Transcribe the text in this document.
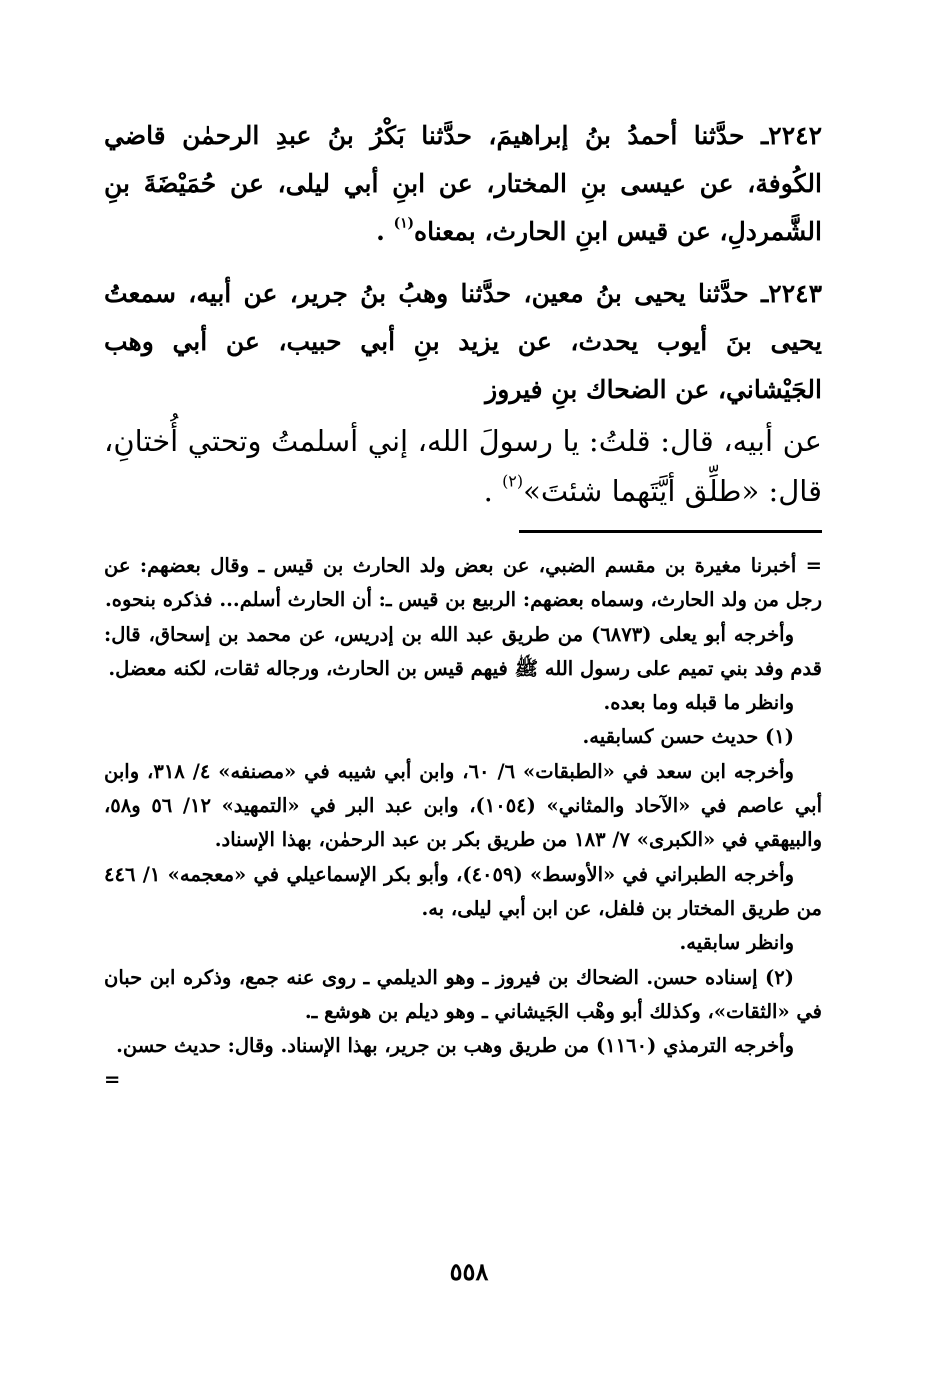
٢٢٤٢ـ حدَّثنا أحمدُ بنُ إبراهيمَ، حدَّثنا بَكْرُ بنُ عبدِ الرحمٰن قاضي الكُوفة، عن عيسى بنِ المختار، عن ابنِ أبي ليلى، عن حُمَيْضَةَ بنِ الشَّمردلِ، عن قيس ابنِ الحارث، بمعناه$^{(١)}$ .

٢٢٤٣ـ حدَّثنا يحيى بنُ معين، حدَّثنا وهبُ بنُ جرير، عن أبيه، سمعتُ يحيى بنَ أيوب يحدث، عن يزيد بنِ أبي حبيب، عن أبي وهب الجَيْشاني، عن الضحاك بنِ فيروز

عن أبيه، قال: قلتُ: يا رسولَ الله، إني أسلمتُ وتحتي أُختانِ، قال: «طلِّق أيَّتَهما شئتَ»$^{(٢)}$ .

= أخبرنا مغيرة بن مقسم الضبي، عن بعض ولد الحارث بن قيس ـ وقال بعضهم: عن رجل من ولد الحارث، وسماه بعضهم: الربيع بن قيس ـ: أن الحارث أسلم... فذكره بنحوه.

وأخرجه أبو يعلى (٦٨٧٣) من طريق عبد الله بن إدريس، عن محمد بن إسحاق، قال: قدم وفد بني تميم على رسول الله ﷺ فيهم قيس بن الحارث، ورجاله ثقات، لكنه معضل.

وانظر ما قبله وما بعده.

(١) حديث حسن كسابقيه.

وأخرجه ابن سعد في «الطبقات» ٦/ ٦٠، وابن أبي شيبه في «مصنفه» ٤/ ٣١٨، وابن أبي عاصم في «الآحاد والمثاني» (١٠٥٤)، وابن عبد البر في «التمهيد» ١٢/ ٥٦ و٥٨، والبيهقي في «الكبرى» ٧/ ١٨٣ من طريق بكر بن عبد الرحمٰن، بهذا الإسناد.

وأخرجه الطبراني في «الأوسط» (٤٠٥٩)، وأبو بكر الإسماعيلي في «معجمه» ١/ ٤٤٦ من طريق المختار بن فلفل، عن ابن أبي ليلى، به.

وانظر سابقيه.

(٢) إسناده حسن. الضحاك بن فيروز ـ وهو الديلمي ـ روى عنه جمع، وذكره ابن حبان في «الثقات»، وكذلك أبو وهْب الجَيشاني ـ وهو ديلم بن هوشع ـ.

وأخرجه الترمذي (١١٦٠) من طريق وهب بن جرير، بهذا الإسناد. وقال: حديث حسن.

=

٥٥٨
